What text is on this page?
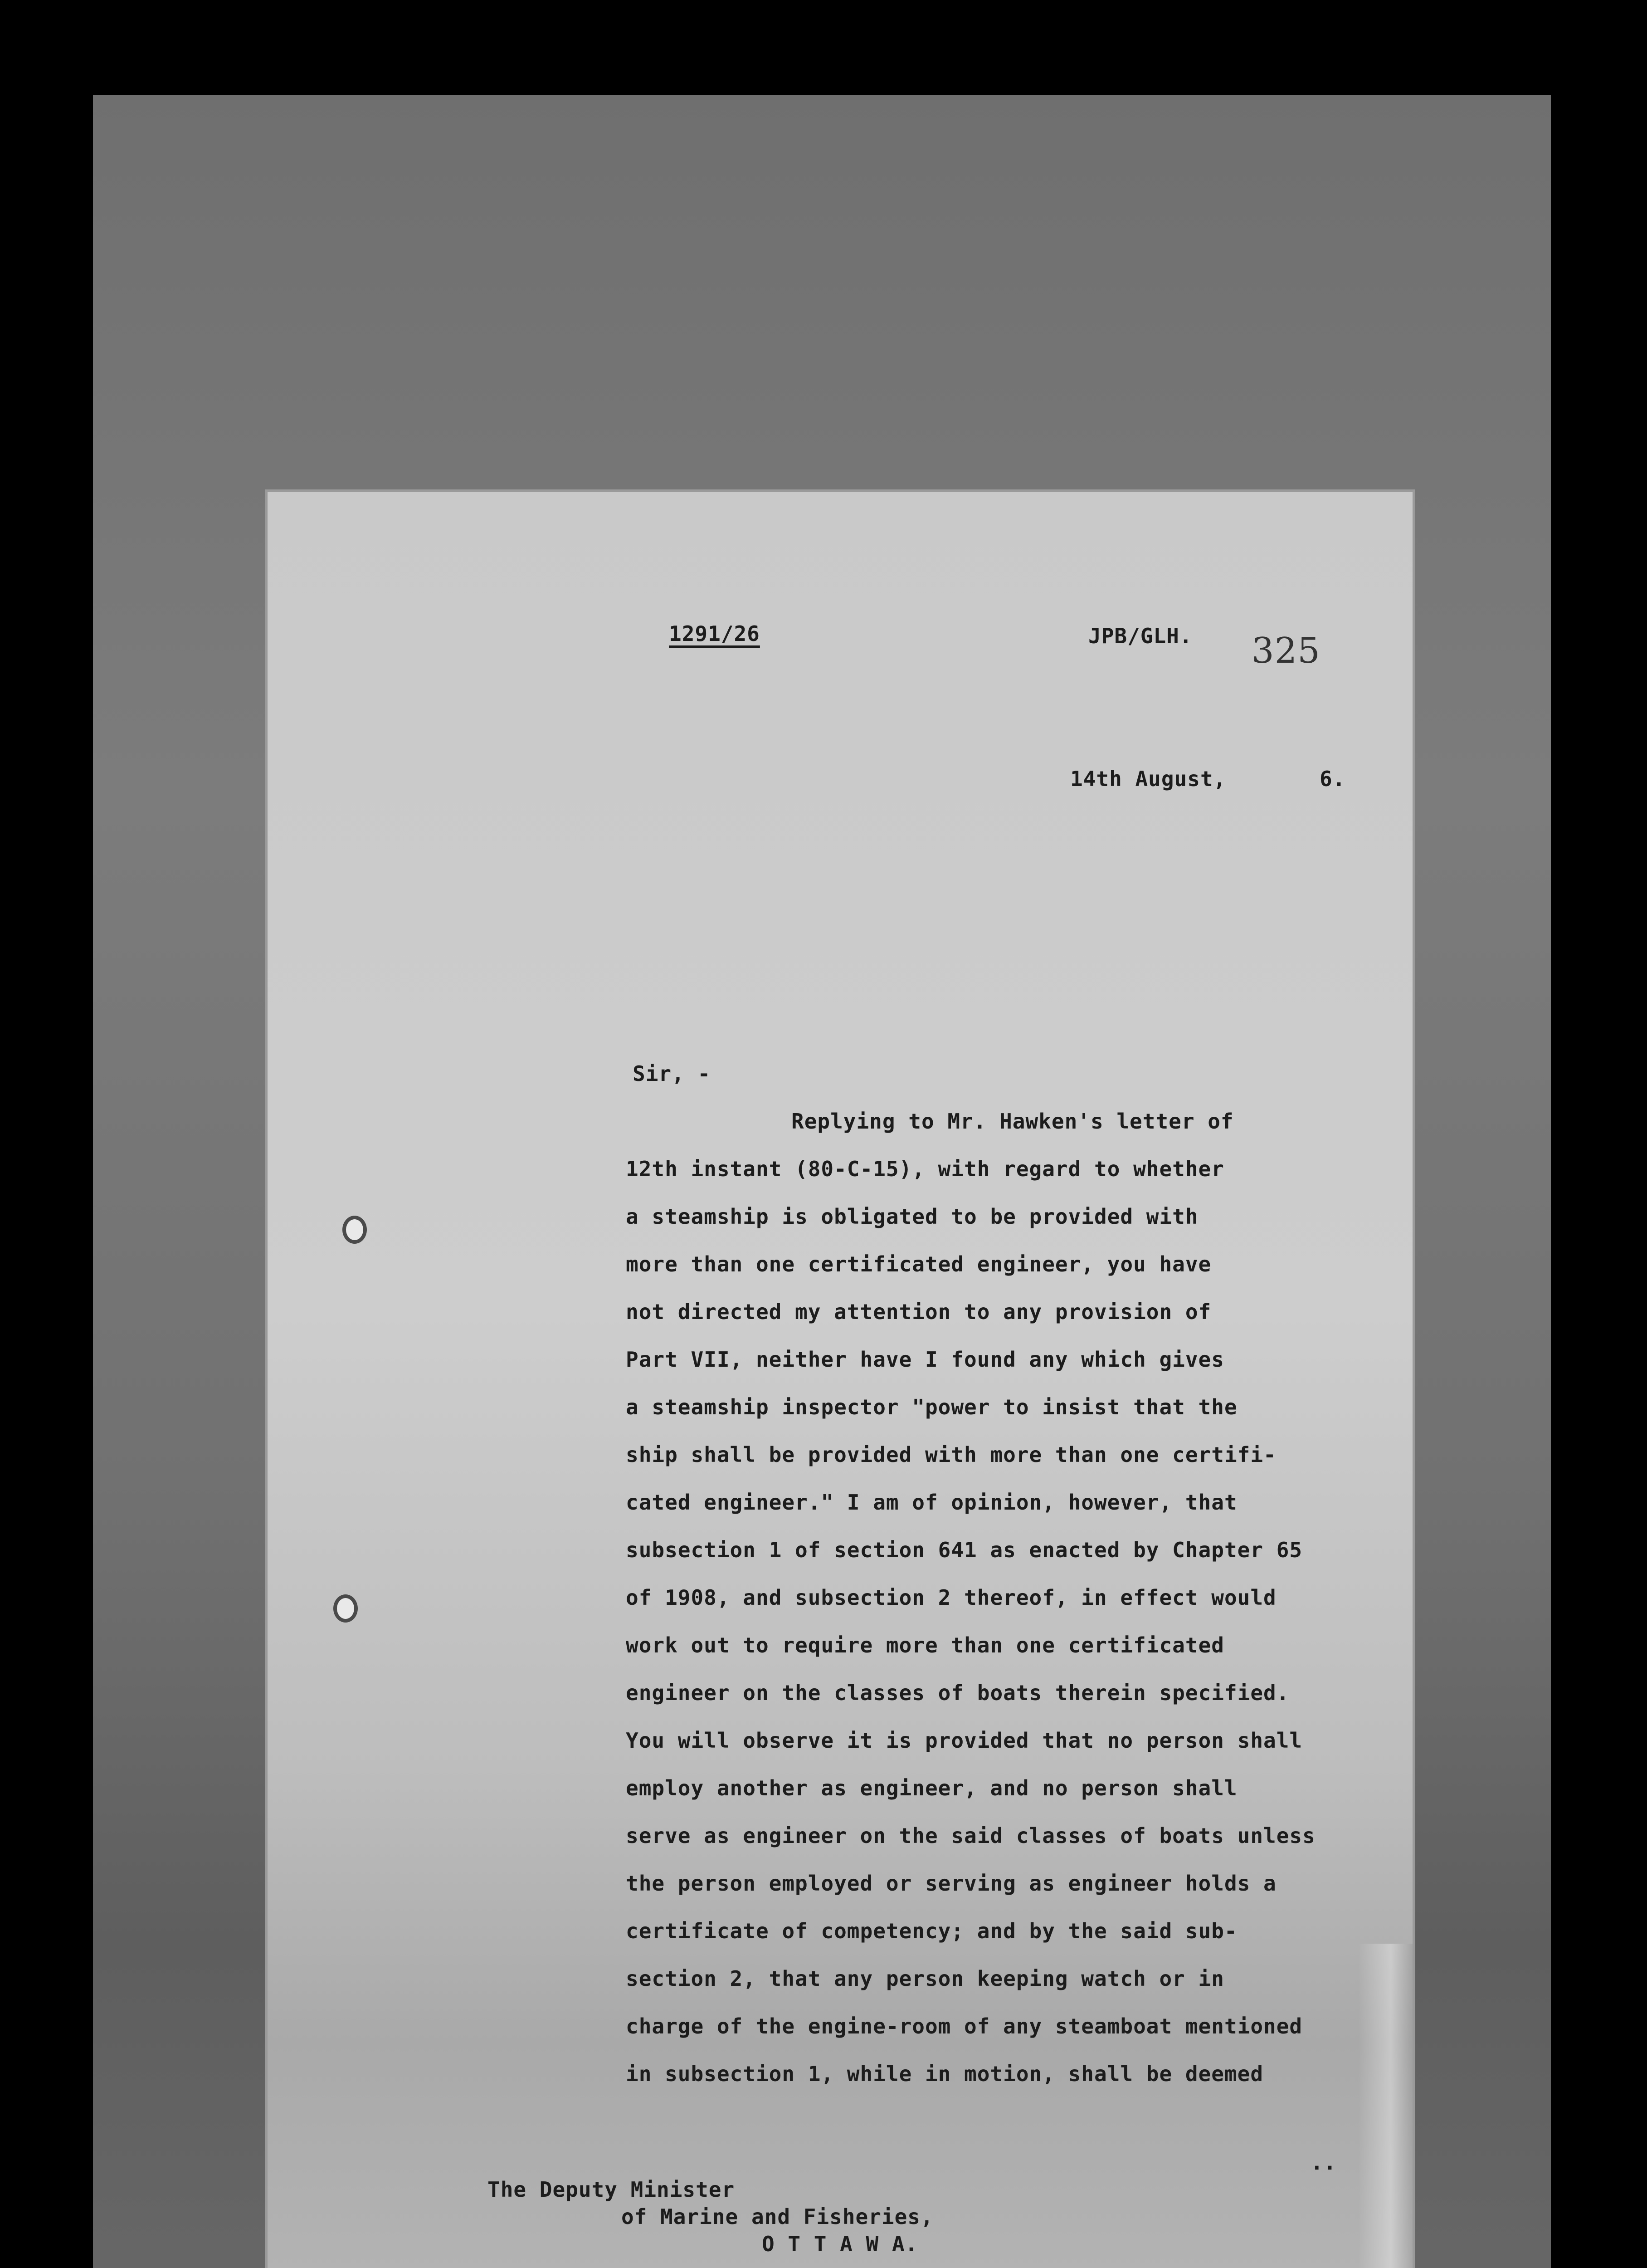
1291/26	JPB/GLH. 325
14th August,	6.
Sir, -
Replying to Mr. Hawken's letter of
12th instant (80-C-15), with regard to whether
a steamship is obligated to be provided with
more than one certificated engineer, you have
not directed my attention to any provision of
Part VII, neither have I found any which gives
a steamship inspector "power to insist that the
ship shall be provided with more than one certifi-
cated engineer." I am of opinion, however, that
subsection 1 of section 641 as enacted by Chapter 65
of 1908, and subsection 2 thereof, in effect would
work out to require more than one certificated
engineer on the classes of boats therein specified.
You will observe it is provided that no person shall
employ another as engineer, and no person shall
serve as engineer on the said classes of boats unless
the person employed or serving as engineer holds a
certificate of competency; and by the said sub-
section 2, that any person keeping watch or in
charge of the engine-room of any steamboat mentioned
in subsection 1, while in motion, shall be deemed
..
The Deputy Minister
of Marine and Fisheries,
O T T A W A.
